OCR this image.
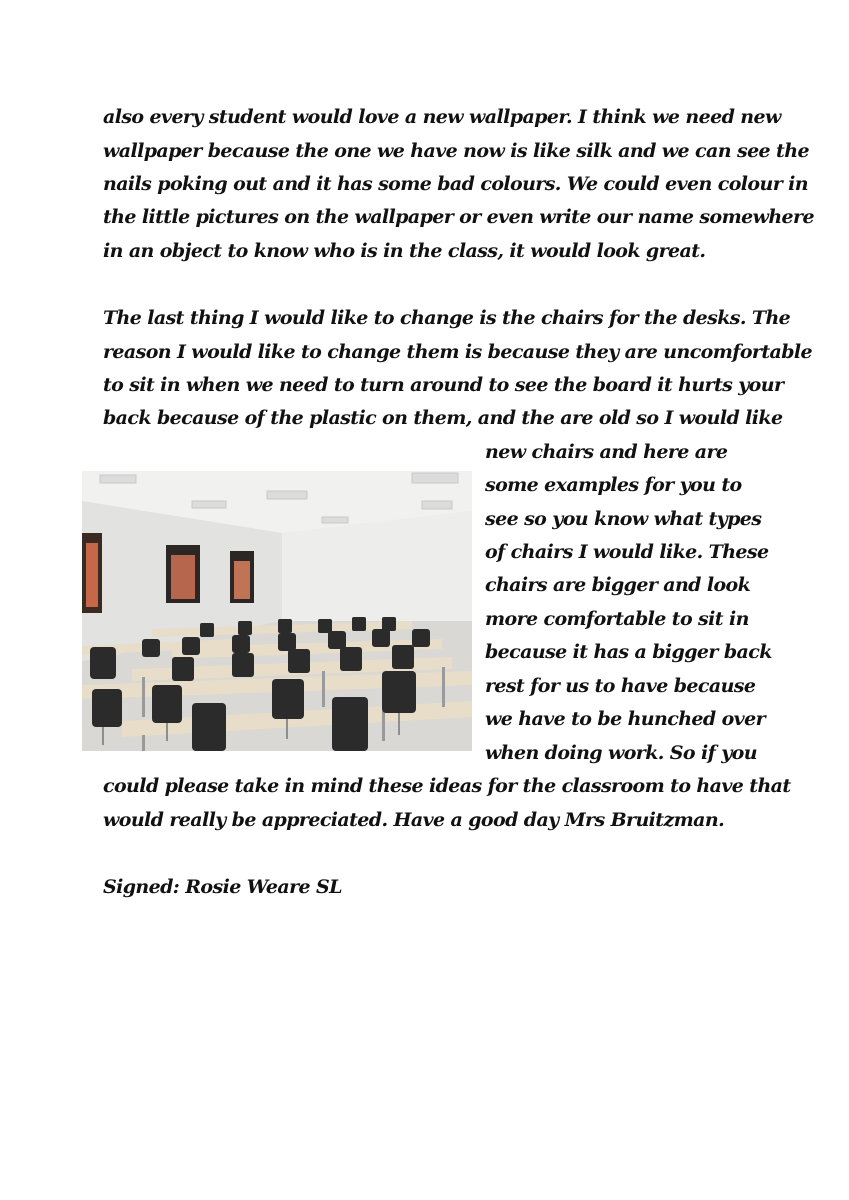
also every student would love a new wallpaper. I think we need new

wallpaper because the one we have now is like silk and we can see the

nails poking out and it has some bad colours. We could even colour in

the little pictures on the wallpaper or even write our name somewhere

in an object to know who is in the class, it would look great.

The last thing I would like to change is the chairs for the desks. The

reason I would like to change them is because they are uncomfortable

to sit in when we need to turn around to see the board it hurts your

back because of the plastic on them, and the are old so I would like

new chairs and here are

some examples for you to

see so you know what types

of chairs I would like. These

chairs are bigger and look

more comfortable to sit in

because it has a bigger back

rest for us to have because

we have to be hunched over

when doing work. So if you

could please take in mind these ideas for the classroom to have that

would really be appreciated. Have a good day Mrs Bruitzman.

Signed: Rosie Weare SL
